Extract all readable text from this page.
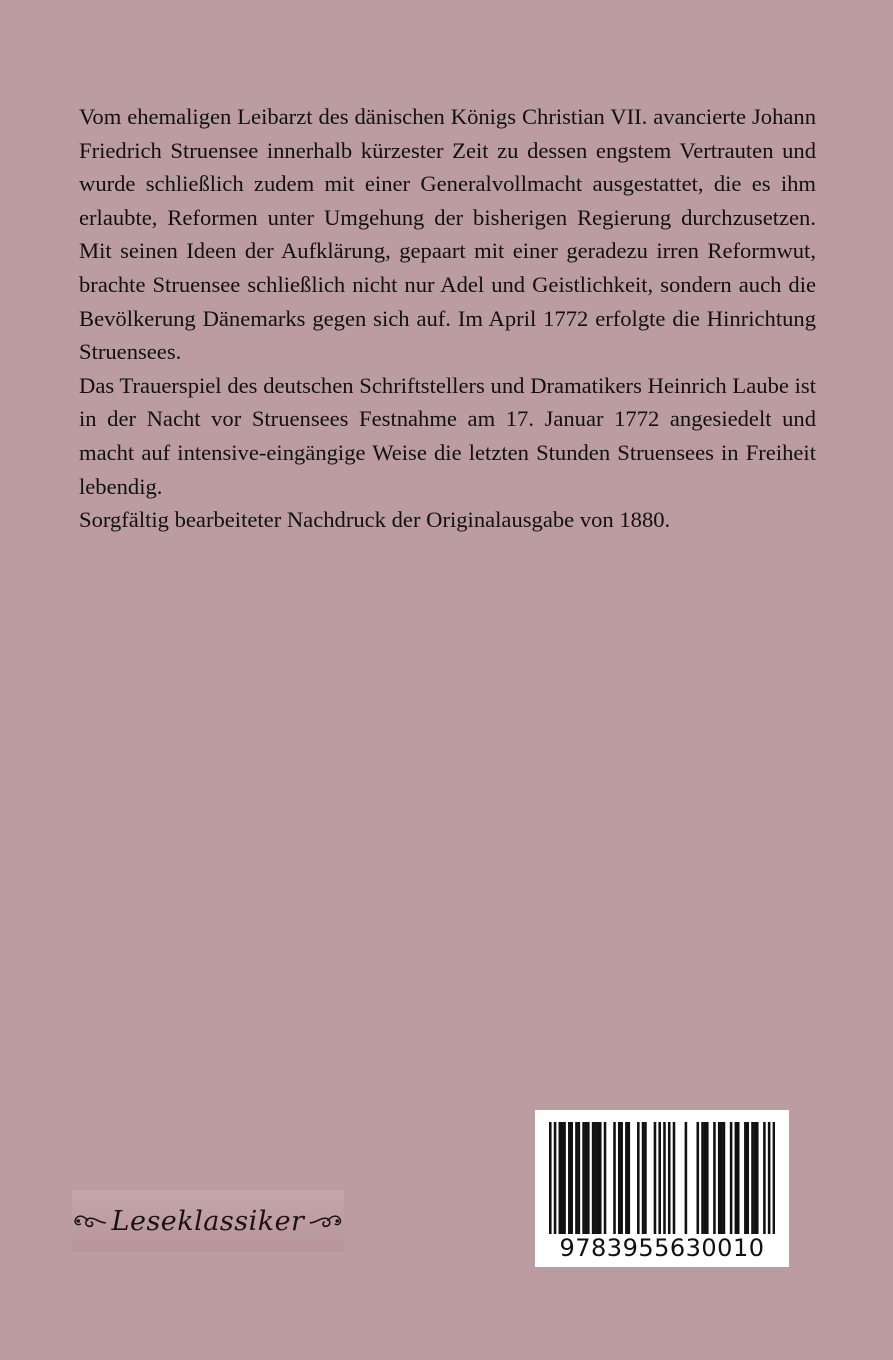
Vom ehemaligen Leibarzt des dänischen Königs Christian VII. avancierte Johann Friedrich Struensee innerhalb kürzester Zeit zu dessen engstem Vertrauten und wurde schließlich zudem mit einer Generalvollmacht ausgestattet, die es ihm erlaubte, Reformen unter Umgehung der bisherigen Regierung durchzusetzen. Mit seinen Ideen der Aufklärung, gepaart mit einer geradezu irren Reformwut, brachte Struensee schließlich nicht nur Adel und Geistlichkeit, sondern auch die Bevölkerung Dänemarks gegen sich auf. Im April 1772 erfolgte die Hinrichtung Struensees.

Das Trauerspiel des deutschen Schriftstellers und Dramatikers Heinrich Laube ist in der Nacht vor Struensees Festnahme am 17. Januar 1772 angesiedelt und macht auf intensive-eingängige Weise die letzten Stunden Struensees in Freiheit lebendig.

Sorgfältig bearbeiteter Nachdruck der Originalausgabe von 1880.

Leseklassiker
9783955630010
